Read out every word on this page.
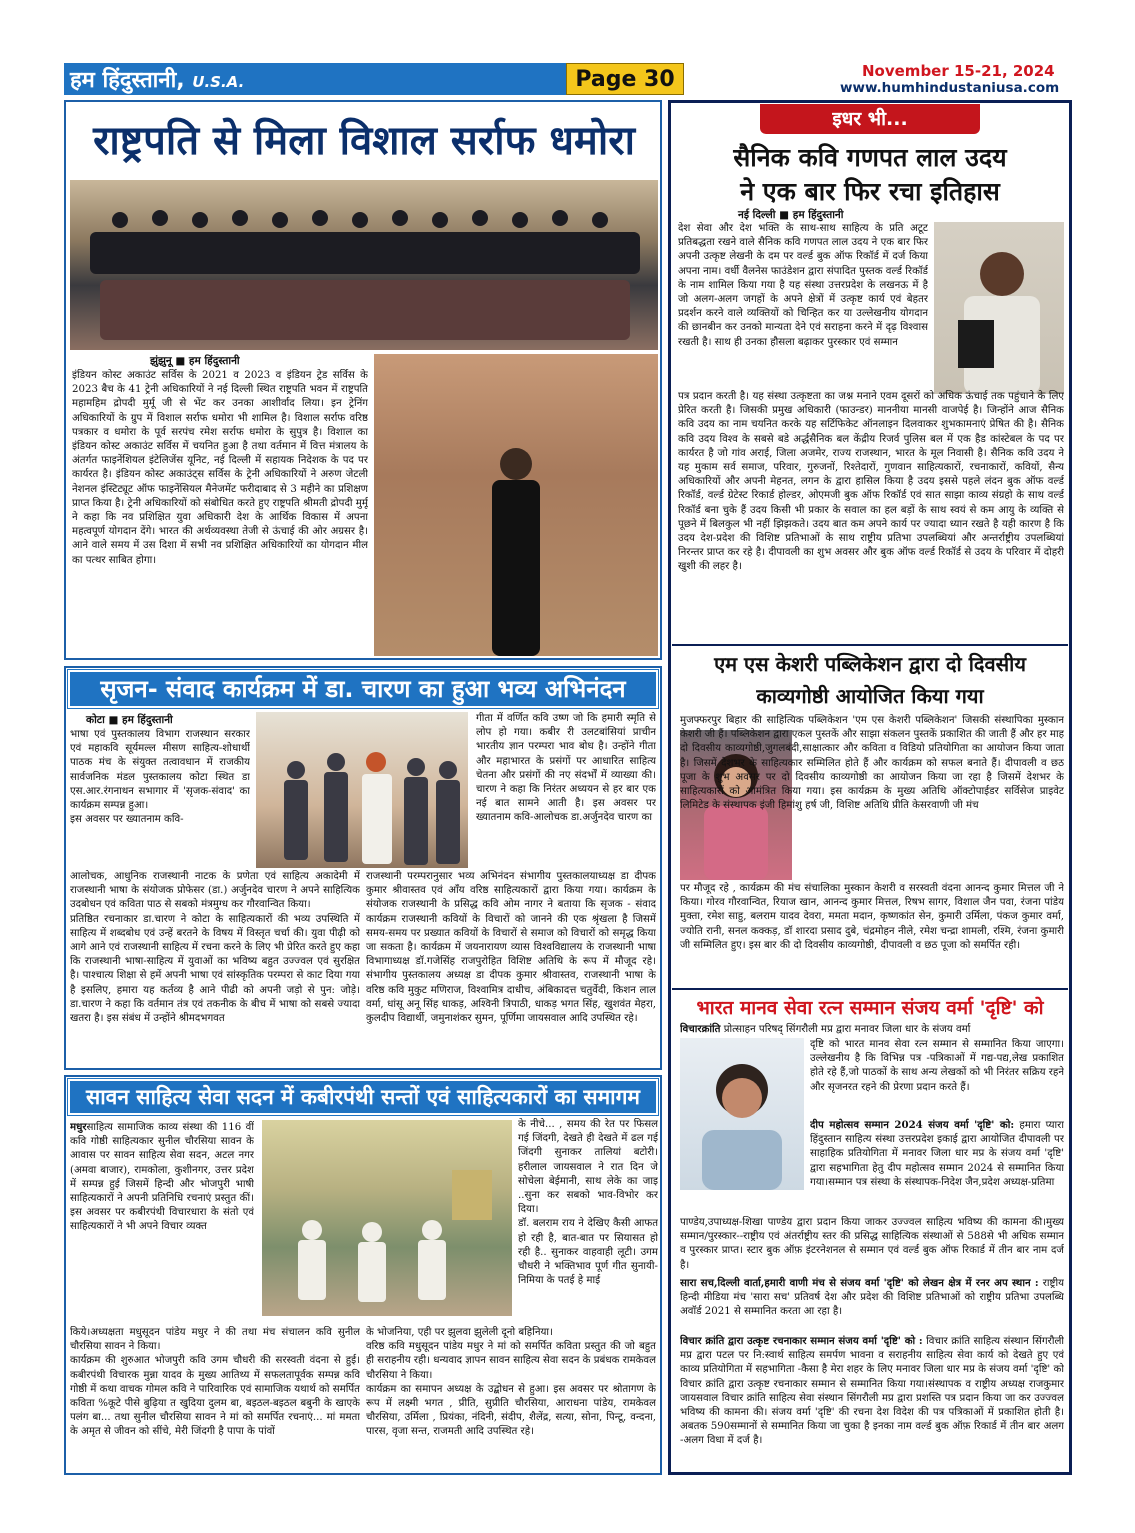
हम हिंदुस्तानी, U.S.A.	Page 30	November 15-21, 2024
www.humhindustaniusa.com
राष्ट्रपति से मिला विशाल सर्राफ धमोरा
झुंझुनू ■ हम हिंदुस्तानी

इंडियन कोस्ट अकाउंट सर्विस के 2021 व 2023 व इंडियन ट्रेड सर्विस के 2023 बैच के 41 ट्रेनी अधिकारियों ने नई दिल्ली स्थित राष्ट्रपति भवन में राष्ट्रपति महामहिम द्रोपदी मुर्मू जी से भेंट कर उनका आशीर्वाद लिया। इन ट्रेनिंग अधिकारियों के ग्रुप में विशाल सर्राफ धमोरा भी शामिल है। विशाल सर्राफ वरिष्ठ पत्रकार व धमोरा के पूर्व सरपंच रमेश सर्राफ धमोरा के सुपुत्र है। विशाल का इंडियन कोस्ट अकाउंट सर्विस में चयनित हुआ है तथा वर्तमान में वित्त मंत्रालय के अंतर्गत फाइनेंशियल इंटेलिजेंस यूनिट, नई दिल्ली में सहायक निदेशक के पद पर कार्यरत है। इंडियन कोस्ट अकाउंट्स सर्विस के ट्रेनी अधिकारियों ने अरुण जेटली नेशनल इंस्टिट्यूट ऑफ फाइनेंसियल मैनेजमेंट फरीदाबाद से 3 महीने का प्रशिक्षण प्राप्त किया है। ट्रेनी अधिकारियों को संबोधित करते हुए राष्ट्रपति श्रीमती द्रोपदी मुर्मू ने कहा कि नव प्रशिक्षित युवा अधिकारी देश के आर्थिक विकास में अपना महत्वपूर्ण योगदान देंगे। भारत की अर्थव्यवस्था तेजी से ऊंचाई की ओर अग्रसर है। आने वाले समय में उस दिशा में सभी नव प्रशिक्षित अधिकारियों का योगदान मील का पत्थर साबित होगा।

सृजन- संवाद कार्यक्रम में डा. चारण का हुआ भव्य अभिनंदन
कोटा ■ हम हिंदुस्तानी

भाषा एवं पुस्तकालय विभाग राजस्थान सरकार एवं महाकवि सूर्यमल्ल मीसण साहित्य-शोधार्थी पाठक मंच के संयुक्त तत्वावधान में राजकीय सार्वजनिक मंडल पुस्तकालय कोटा स्थित डा एस.आर.रंगनाथन सभागार में 'सृजक-संवाद' का कार्यक्रम सम्पन्न हुआ।
इस अवसर पर ख्यातनाम कवि-

गीता में वर्णित कवि उष्ण जो कि हमारी स्मृति से लोप हो गया। कबीर री उलटबांसियां प्राचीन भारतीय ज्ञान परम्परा भाव बोध है। उन्होंने गीता और महाभारत के प्रसंगों पर आधारित साहित्य चेतना और प्रसंगों की नए संदर्भों में व्याख्या की। चारण ने कहा कि निरंतर अध्ययन से हर बार एक नई बात सामने आती है। इस अवसर पर ख्यातनाम कवि-आलोचक डा.अर्जुनदेव चारण का

आलोचक, आधुनिक राजस्थानी नाटक के प्रणेता एवं साहित्य अकादेमी में राजस्थानी भाषा के संयोजक प्रोफेसर (डा.) अर्जुनदेव चारण ने अपने साहित्यिक उदबोधन एवं कविता पाठ से सबको मंत्रमुग्ध कर गौरवान्वित किया।
प्रतिष्ठित रचनाकार डा.चारण ने कोटा के साहित्यकारों की भव्य उपस्थिति में साहित्य में शब्दबोध एवं उन्हें बरतने के विषय में विस्तृत चर्चा की। युवा पीढ़ी को आगे आने एवं राजस्थानी साहित्य में रचना करने के लिए भी प्रेरित करते हुए कहा कि राजस्थानी भाषा-साहित्य में युवाओं का भविष्य बहुत उज्ज्वल एवं सुरक्षित है। पाश्चात्य शिक्षा से हमें अपनी भाषा एवं सांस्कृतिक परम्परा से काट दिया गया है इसलिए, हमारा यह कर्तव्य है आने पीढी को अपनी जड़ो से पुन: जोड़े। डा.चारण ने कहा कि वर्तमान तंत्र एवं तकनीक के बीच में भाषा को सबसे ज्यादा खतरा है। इस संबंध में उन्होंने श्रीमदभगवत

राजस्थानी परम्परानुसार भव्य अभिनंदन संभागीय पुस्तकालयाध्यक्ष डा दीपक कुमार श्रीवास्तव एवं आँय वरिष्ठ साहित्यकारों द्वारा किया गया। कार्यक्रम के संयोजक राजस्थानी के प्रसिद्ध कवि ओम नागर ने बताया कि सृजक - संवाद कार्यक्रम राजस्थानी कवियों के विचारों को जानने की एक श्रृंखला है जिसमें समय-समय पर प्रख्यात कवियों के विचारों से समाज को विचारों को समृद्ध किया जा सकता है। कार्यक्रम में जयनारायण व्यास विश्वविद्यालय के राजस्थानी भाषा विभागाध्यक्ष डॉ.गजेसिंह राजपुरोहित विशिष्ट अतिथि के रूप में मौजूद रहे।संभागीय पुस्तकालय अध्यक्ष डा दीपक कुमार श्रीवास्तव, राजस्थानी भाषा के वरिष्ठ कवि मुकुट मणिराज, विश्वामित्र दाधीच, अंबिकादत्त चतुर्वेदी, किशन लाल वर्मा, धांसू अनू सिंह धाकड़, अश्विनी त्रिपाठी, धाकड़ भगत सिंह, खुशवंत मेहरा, कुलदीप विद्यार्थी, जमुनाशंकर सुमन, पूर्णिमा जायसवाल आदि उपस्थित रहे।

सावन साहित्य सेवा सदन में कबीरपंथी सन्तों एवं साहित्यकारों का समागम

मधुरसाहित्य सामाजिक काव्य संस्था की 116 वीं कवि गोष्ठी साहित्यकार सुनील चौरसिया सावन के आवास पर सावन साहित्य सेवा सदन, अटल नगर (अमवा बाजार), रामकोला, कुशीनगर, उत्तर प्रदेश में सम्पन्न हुई जिसमें हिन्दी और भोजपुरी भाषी साहित्यकारों ने अपनी प्रतिनिधि रचनाएं प्रस्तुत कीं। इस अवसर पर कबीरपंथी विचारधारा के संतो एवं साहित्यकारों ने भी अपने विचार व्यक्त

के नीचे... , समय की रेत पर फिसल गई जिंदगी, देखते ही देखते में ढल गई जिंदगी सुनाकर तालियां बटोरी। हरीलाल जायसवाल ने रात दिन जे सोचेला बेईमानी, साथ लेके का जाइ ..सुना कर सबको भाव-विभोर कर दिया।
डॉ. बलराम राय ने देखिए कैसी आफत हो रही है, बात-बात पर सियासत हो रही है.. सुनाकर वाहवाही लूटी। उगम चौधरी ने भक्तिभाव पूर्ण गीत सुनायी-निमिया के पतई हे माई

किये।अध्यक्षता मधुसूदन पांडेय मधुर ने की तथा मंच संचालन कवि सुनील चौरसिया सावन ने किया।
कार्यक्रम की शुरुआत भोजपुरी कवि उगम चौधरी की सरस्वती वंदना से हुई। कबीरपंथी विचारक मुन्ना यादव के मुख्य आतिथ्य में सफलतापूर्वक सम्पन्न कवि गोष्ठी में कथा वाचक गोमल कवि ने पारिवारिक एवं सामाजिक यथार्थ को समर्पित कविता %कूटे पीसे बुढ़िया त खुदिया दुलम बा, बइठल-बइठल बबुनी के खाएके पलंग बा... तथा सुनील चौरसिया सावन ने मां को समर्पित रचनाएं... मां ममता के अमृत से जीवन को सींचे, मेरी जिंदगी है पापा के पांवों

के भोजनिया, एही पर झुलवा झुलेली दूनो बहिनिया।
वरिष्ठ कवि मधुसूदन पांडेय मधुर ने मां को समर्पित कविता प्रस्तुत की जो बहुत ही सराहनीय रही। धन्यवाद ज्ञापन सावन साहित्य सेवा सदन के प्रबंधक रामकेवल चौरसिया ने किया।
कार्यक्रम का समापन अध्यक्ष के उद्बोधन से हुआ। इस अवसर पर श्रोतागण के रूप में लक्ष्मी भगत , प्रीति, सुप्रीति चौरसिया, आराधना पांडेय, रामकेवल चौरसिया, उर्मिला , प्रियंका, नंदिनी, संदीप, शैलेंद्र, सत्या, सोना, पिन्टू, वन्दना, पारस, वृजा सन्त, राजमती आदि उपस्थित रहे।

इधर भी...
सैनिक कवि गणपत लाल उदय
ने एक बार फिर रचा इतिहास
नई दिल्ली ■ हम हिंदुस्तानी

देश सेवा और देश भक्ति के साथ-साथ साहित्य के प्रति अटूट प्रतिबद्धता रखने वाले सैनिक कवि गणपत लाल उदय ने एक बार फिर अपनी उत्कृष्ट लेखनी के दम पर वर्ल्ड बुक ऑफ रिकॉर्ड में दर्ज किया अपना नाम। वर्धी वैलनेस फाउंडेशन द्वारा संपादित पुस्तक वर्ल्ड रिकॉर्ड के नाम शामिल किया गया है यह संस्था उत्तरप्रदेश के लखनऊ में है जो अलग-अलग जगहों के अपने क्षेत्रों में उत्कृष्ट कार्य एवं बेहतर प्रदर्शन करने वाले व्यक्तियों को चिन्हित कर या उल्लेखनीय योगदान की छानबीन कर उनको मान्यता देने एवं सराहना करने में दृढ़ विश्वास रखती है। साथ ही उनका हौसला बढ़ाकर पुरस्कार एवं सम्मान

पत्र प्रदान करती है। यह संस्था उत्कृष्टता का जश्न मनाने एवम दूसरों को अधिक ऊंचाई तक पहुंचाने के लिए प्रेरित करती है। जिसकी प्रमुख अधिकारी (फाउन्डर) माननीया मानसी वाजपेई है। जिन्होंने आज सैनिक कवि उदय का नाम चयनित करके यह सर्टिफिकेट ऑनलाइन दिलवाकर शुभकामनाएं प्रेषित की है। सैनिक कवि उदय विश्व के सबसे बडे अर्द्धसैनिक बल केंद्रीय रिजर्व पुलिस बल में एक हैड कांस्टेबल के पद पर कार्यरत है जो गांव अराई, जिला अजमेर, राज्य राजस्थान, भारत के मूल निवासी है। सैनिक कवि उदय ने यह मुकाम सर्व समाज, परिवार, गुरुजनों, रिश्तेदारों, गुणवान साहित्यकारों, रचनाकारों, कवियों, सैन्य अधिकारियों और अपनी मेहनत, लगन के द्वारा हासिल किया है उदय इससे पहले लंदन बुक ऑफ वर्ल्ड रिकॉर्ड, वर्ल्ड ग्रेटेस्ट रिकार्ड होल्डर, ओएमजी बुक ऑफ रिकॉर्ड एवं सात साझा काव्य संग्रहो के साथ वर्ल्ड रिकॉर्ड बना चुके हैं उदय किसी भी प्रकार के सवाल का हल बड़ों के साथ स्वयं से कम आयु के व्यक्ति से पूछने में बिलकुल भी नहीं झिझकते। उदय बात कम अपने कार्य पर ज्यादा ध्यान रखते है यही कारण है कि उदय देश-प्रदेश की विशिष्ट प्रतिभाओं के साथ राष्ट्रीय प्रतिभा उपलब्धियां और अन्तर्राष्ट्रीय उपलब्धियां निरन्तर प्राप्त कर रहे है। दीपावली का शुभ अवसर और बुक ऑफ वर्ल्ड रिकॉर्ड से उदय के परिवार में दोहरी खुशी की लहर है।

एम एस केशरी पब्लिकेशन द्वारा दो दिवसीय
काव्यगोष्ठी आयोजित किया गया

मुजफ्फरपुर बिहार की साहित्यिक पब्लिकेशन 'एम एस केशरी पब्लिकेशन' जिसकी संस्थापिका मुस्कान केशरी जी हैं। पब्लिकेशन द्वारा एकल पुस्तकें और साझा संकलन पुस्तकें प्रकाशित की जाती हैं और हर माह दो दिवसीय काव्यगोष्ठी,जुगलबंदी,साक्षात्कार और कविता व विडियो प्रतियोगिता का आयोजन किया जाता है। जिसमें देशभर के साहित्यकार सम्मिलित होते हैं और कार्यक्रम को सफल बनाते हैं। दीपावली व छठ पूजा के शुभ अवसर पर दो दिवसीय काव्यगोष्ठी का आयोजन किया जा रहा है जिसमें देशभर के साहित्यकारों को आमंत्रित किया गया। इस कार्यक्रम के मुख्य अतिथि ऑक्टोपाईडर सर्विसेज प्राइवेट लिमिटेड के संस्थापक इंजी हिमांशु हर्ष जी, विशिष्ट अतिथि प्रीति केसरवाणी जी मंच

पर मौजूद रहे , कार्यक्रम की मंच संचालिका मुस्कान केशरी व सरस्वती वंदना आनन्द कुमार मित्तल जी ने किया। गोरव गौरवान्वित, रियाज खान, आनन्द कुमार मित्तल, रिषभ सागर, विशाल जैन पवा, रंजना पांडेय मुक्ता, रमेश साहु, बलराम यादव देवरा, ममता मदान, कृष्णकांत सेन, कुमारी उर्मिला, पंकज कुमार वर्मा, ज्योति रानी, सनल कक्कड़, डॉ शारदा प्रसाद दुबे, चंद्रमोहन नीले, रमेश चन्द्रा शामली, रश्मि, रंजना कुमारी जी सम्मिलित हुए। इस बार की दो दिवसीय काव्यगोष्ठी, दीपावली व छठ पूजा को समर्पित रही।

भारत मानव सेवा रत्न सम्मान संजय वर्मा 'दृष्टि' को

विचारक्रांति प्रोत्साहन परिषद् सिंगरौली मप्र द्वारा मनावर जिला धार के संजय वर्मा

दृष्टि को भारत मानव सेवा रत्न सम्मान से सम्मानित किया जाएगा। उल्लेखनीय है कि विभिन्न पत्र -पत्रिकाओं में गद्य-पद्य,लेख प्रकाशित होते रहे हैं,जो पाठकों के साथ अन्य लेखकों को भी निरंतर सक्रिय रहने और सृजनरत रहने की प्रेरणा प्रदान करते हैं।

दीप महोत्सव सम्मान 2024 संजय वर्मा 'दृष्टि' को: हमारा प्यारा हिंदुस्तान साहित्य संस्था उत्तरप्रदेश इकाई द्वारा आयोजित दीपावली पर साहाहिक प्रतियोगिता में मनावर जिला धार मप्र के संजय वर्मा 'दृष्टि' द्वारा सहभागिता हेतु दीप महोत्सव सम्मान 2024 से सम्मानित किया गया।सम्मान पत्र संस्था के संस्थापक-निदेश जैन,प्रदेश अध्यक्ष-प्रतिमा

पाण्डेय,उपाध्यक्ष-शिखा पाण्डेय द्वारा प्रदान किया जाकर उज्ज्वल साहित्य भविष्य की कामना की।मुख्य सम्मान/पुरस्कार--राष्ट्रीय एवं अंतर्राष्ट्रीय स्तर की प्रसिद्ध साहित्यिक संस्थाओं से 588से भी अधिक सम्मान व पुरस्कार प्राप्त। स्टार बुक ऑफ़ इंटरनेशनल से सम्मान एवं वर्ल्ड बुक ऑफ रिकार्ड में तीन बार नाम दर्ज है।

सारा सच,दिल्ली वार्ता,हमारी वाणी मंच से संजय वर्मा 'दृष्टि' को लेखन क्षेत्र में रनर अप स्थान : राष्ट्रीय हिन्दी मीडिया मंच 'सारा सच' प्रतिवर्ष देश और प्रदेश की विशिष्ट प्रतिभाओं को राष्ट्रीय प्रतिभा उपलब्धि अवॉर्ड 2021 से सम्मानित करता आ रहा है।

विचार क्रांति द्वारा उत्कृष्ट रचनाकार सम्मान संजय वर्मा 'दृष्टि' को : विचार क्रांति साहित्य संस्थान सिंगरौली मप्र द्वारा पटल पर नि:स्वार्थ साहित्य समर्पण भावना व सराहनीय साहित्य सेवा कार्य को देखते हुए एवं काव्य प्रतियोगिता में सहभागिता -कैसा है मेरा शहर के लिए मनावर जिला धार मप्र के संजय वर्मा 'दृष्टि' को विचार क्रांति द्वारा उत्कृष्ट रचनाकार सम्मान से सम्मानित किया गया।संस्थापक व राष्ट्रीय अध्यक्ष राजकुमार जायसवाल विचार क्रांति साहित्य सेवा संस्थान सिंगरौली मप्र द्वारा प्रशस्ति पत्र प्रदान किया जा कर उज्ज्वल भविष्य की कामना की। संजय वर्मा 'दृष्टि' की रचना देश विदेश की पत्र पत्रिकाओं में प्रकाशित होती है।अबतक 590सम्मानों से सम्मानित किया जा चुका है इनका नाम वर्ल्ड बुक ऑफ़ रिकार्ड में तीन बार अलग -अलग विधा में दर्ज है।
